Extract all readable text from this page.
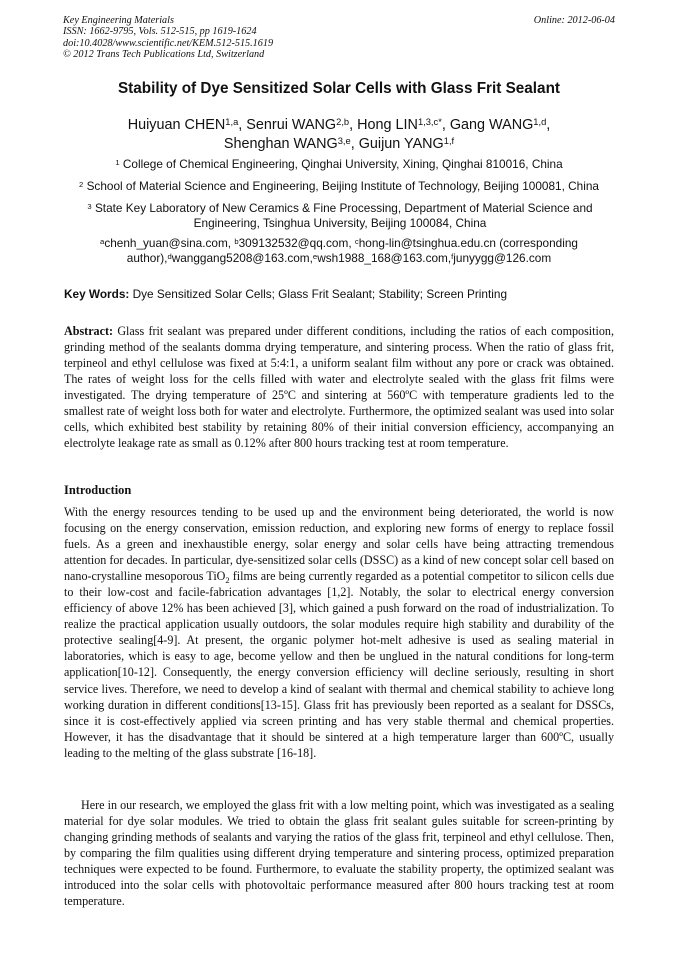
Key Engineering Materials
ISSN: 1662-9795, Vols. 512-515, pp 1619-1624
doi:10.4028/www.scientific.net/KEM.512-515.1619
© 2012 Trans Tech Publications Ltd, Switzerland
Online: 2012-06-04
Stability of Dye Sensitized Solar Cells with Glass Frit Sealant
Huiyuan CHEN$^{1,a}$, Senrui WANG$^{2,b}$, Hong $LIN^{1,3,c*}$, Gang WANG$^{1,d}$,
Shenghan WANG$^{3,e}$, Guijun YANG$^{1,f}$
$^1$ College of Chemical Engineering, Qinghai University, Xining, Qinghai 810016, China
$^2$ School of Material Science and Engineering, Beijing Institute of Technology, Beijing 100081, China
$^3$ State Key Laboratory of New Ceramics & Fine Processing, Department of Material Science and Engineering, Tsinghua University, Beijing 100084, China
$^a$chenh_yuan@sina.com, $^b$309132532@qq.com, $^c$hong-lin@tsinghua.edu.cn (corresponding author),$^d$wanggang5208@163.com,$^e$wsh1988_168@163.com,$^f$junyygg@126.com
Key Words: Dye Sensitized Solar Cells; Glass Frit Sealant; Stability; Screen Printing

Abstract: Glass frit sealant was prepared under different conditions, including the ratios of each composition, grinding method of the sealants domma drying temperature, and sintering process. When the ratio of glass frit, terpineol and ethyl cellulose was fixed at 5:4:1, a uniform sealant film without any pore or crack was obtained. The rates of weight loss for the cells filled with water and electrolyte sealed with the glass frit films were investigated. The drying temperature of 25ºC and sintering at 560ºC with temperature gradients led to the smallest rate of weight loss both for water and electrolyte. Furthermore, the optimized sealant was used into solar cells, which exhibited best stability by retaining 80% of their initial conversion efficiency, accompanying an electrolyte leakage rate as small as 0.12% after 800 hours tracking test at room temperature.

Introduction

With the energy resources tending to be used up and the environment being deteriorated, the world is now focusing on the energy conservation, emission reduction, and exploring new forms of energy to replace fossil fuels. As a green and inexhaustible energy, solar energy and solar cells have being attracting tremendous attention for decades. In particular, dye-sensitized solar cells (DSSC) as a kind of new concept solar cell based on nano-crystalline mesoporous TiO$_2$ films are being currently regarded as a potential competitor to silicon cells due to their low-cost and facile-fabrication advantages [1,2]. Notably, the solar to electrical energy conversion efficiency of above 12% has been achieved [3], which gained a push forward on the road of industrialization. To realize the practical application usually outdoors, the solar modules require high stability and durability of the protective sealing[4-9]. At present, the organic polymer hot-melt adhesive is used as sealing material in laboratories, which is easy to age, become yellow and then be unglued in the natural conditions for long-term application[10-12]. Consequently, the energy conversion efficiency will decline seriously, resulting in short service lives. Therefore, we need to develop a kind of sealant with thermal and chemical stability to achieve long working duration in different conditions[13-15]. Glass frit has previously been reported as a sealant for DSSCs, since it is cost-effectively applied via screen printing and has very stable thermal and chemical properties. However, it has the disadvantage that it should be sintered at a high temperature larger than 600ºC, usually leading to the melting of the glass substrate [16-18].

Here in our research, we employed the glass frit with a low melting point, which was investigated as a sealing material for dye solar modules. We tried to obtain the glass frit sealant gules suitable for screen-printing by changing grinding methods of sealants and varying the ratios of the glass frit, terpineol and ethyl cellulose. Then, by comparing the film qualities using different drying temperature and sintering process, optimized preparation techniques were expected to be found. Furthermore, to evaluate the stability property, the optimized sealant was introduced into the solar cells with photovoltaic performance measured after 800 hours tracking test at room temperature.
